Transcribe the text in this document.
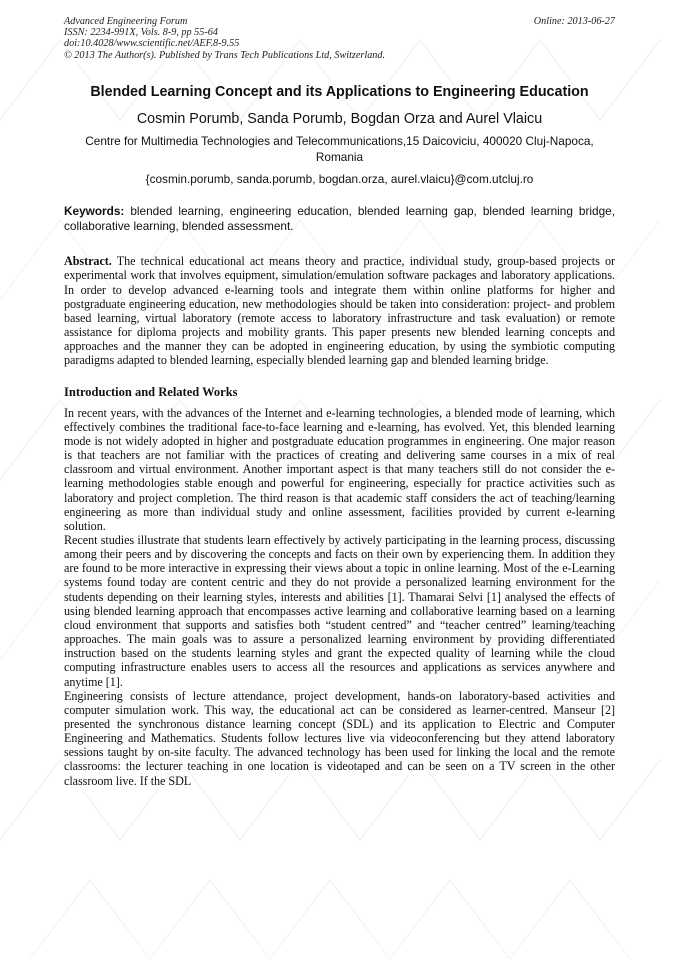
Advanced Engineering Forum	Online: 2013-06-27
ISSN: 2234-991X, Vols. 8-9, pp 55-64
doi:10.4028/www.scientific.net/AEF.8-9.55
© 2013 The Author(s). Published by Trans Tech Publications Ltd, Switzerland.
Blended Learning Concept and its Applications to Engineering Education
Cosmin Porumb, Sanda Porumb, Bogdan Orza and Aurel Vlaicu
Centre for Multimedia Technologies and Telecommunications,15 Daicoviciu, 400020 Cluj-Napoca, Romania
{cosmin.porumb, sanda.porumb, bogdan.orza, aurel.vlaicu}@com.utcluj.ro
Keywords: blended learning, engineering education, blended learning gap, blended learning bridge, collaborative learning, blended assessment.
Abstract. The technical educational act means theory and practice, individual study, group-based projects or experimental work that involves equipment, simulation/emulation software packages and laboratory applications. In order to develop advanced e-learning tools and integrate them within online platforms for higher and postgraduate engineering education, new methodologies should be taken into consideration: project- and problem based learning, virtual laboratory (remote access to laboratory infrastructure and task evaluation) or remote assistance for diploma projects and mobility grants. This paper presents new blended learning concepts and approaches and the manner they can be adopted in engineering education, by using the symbiotic computing paradigms adapted to blended learning, especially blended learning gap and blended learning bridge.
Introduction and Related Works

In recent years, with the advances of the Internet and e-learning technologies, a blended mode of learning, which effectively combines the traditional face-to-face learning and e-learning, has evolved. Yet, this blended learning mode is not widely adopted in higher and postgraduate education programmes in engineering. One major reason is that teachers are not familiar with the practices of creating and delivering same courses in a mix of real classroom and virtual environment. Another important aspect is that many teachers still do not consider the e-learning methodologies stable enough and powerful for engineering, especially for practice activities such as laboratory and project completion. The third reason is that academic staff considers the act of teaching/learning engineering as more than individual study and online assessment, facilities provided by current e-learning solution.

Recent studies illustrate that students learn effectively by actively participating in the learning process, discussing among their peers and by discovering the concepts and facts on their own by experiencing them. In addition they are found to be more interactive in expressing their views about a topic in online learning. Most of the e-Learning systems found today are content centric and they do not provide a personalized learning environment for the students depending on their learning styles, interests and abilities [1]. Thamarai Selvi [1] analysed the effects of using blended learning approach that encompasses active learning and collaborative learning based on a learning cloud environment that supports and satisfies both “student centred” and “teacher centred” learning/teaching approaches. The main goals was to assure a personalized learning environment by providing differentiated instruction based on the students learning styles and grant the expected quality of learning while the cloud computing infrastructure enables users to access all the resources and applications as services anywhere and anytime [1].

Engineering consists of lecture attendance, project development, hands-on laboratory-based activities and computer simulation work. This way, the educational act can be considered as learner-centred. Manseur [2] presented the synchronous distance learning concept (SDL) and its application to Electric and Computer Engineering and Mathematics. Students follow lectures live via videoconferencing but they attend laboratory sessions taught by on-site faculty. The advanced technology has been used for linking the local and the remote classrooms: the lecturer teaching in one location is videotaped and can be seen on a TV screen in the other classroom live. If the SDL
